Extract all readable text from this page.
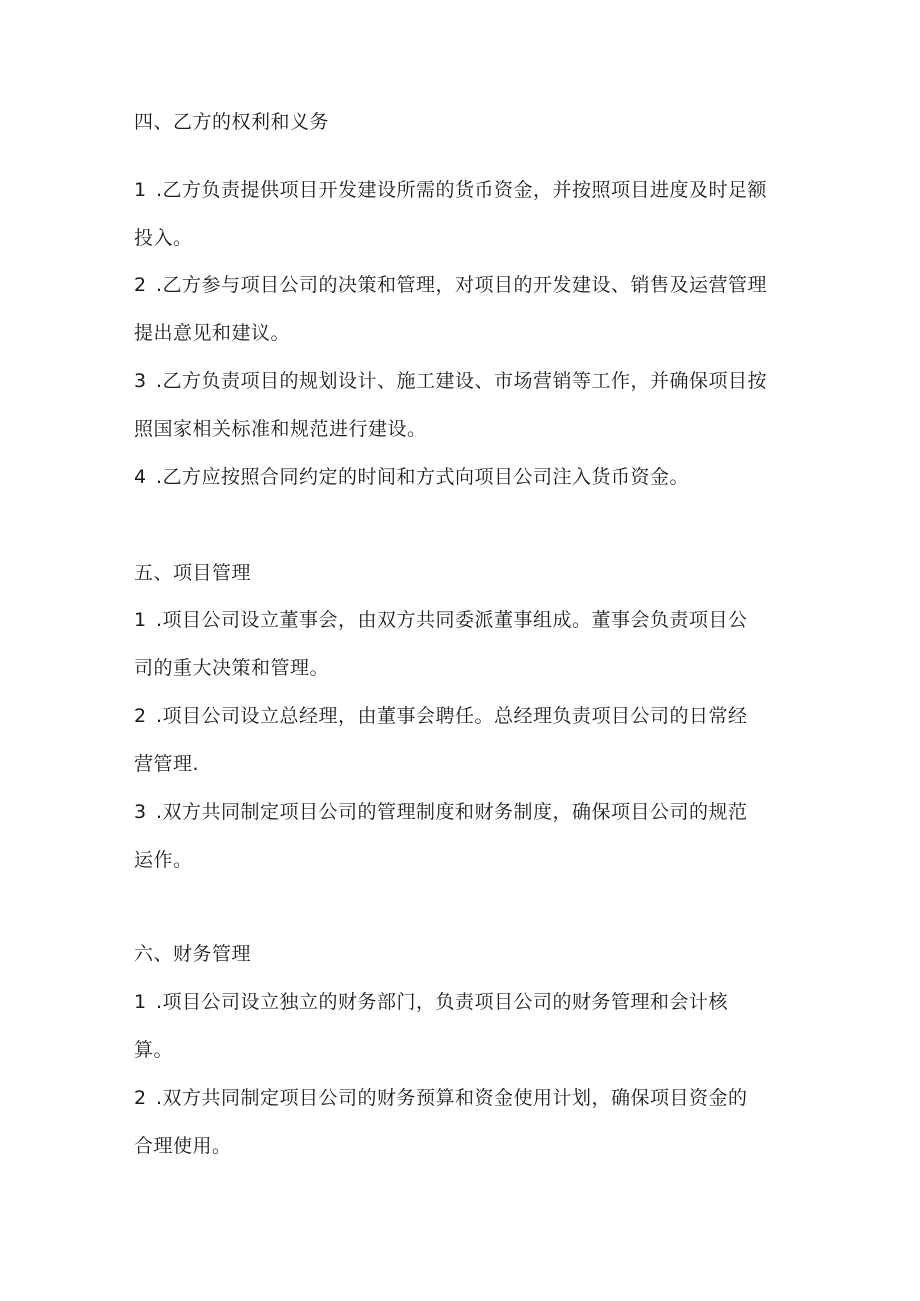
四、乙方的权利和义务
1 .乙方负责提供项目开发建设所需的货币资金，并按照项目进度及时足额
投入。
2 .乙方参与项目公司的决策和管理，对项目的开发建设、销售及运营管理
提出意见和建议。
3 .乙方负责项目的规划设计、施工建设、市场营销等工作，并确保项目按
照国家相关标准和规范进行建设。
4 .乙方应按照合同约定的时间和方式向项目公司注入货币资金。
五、项目管理
1 .项目公司设立董事会，由双方共同委派董事组成。董事会负责项目公
司的重大决策和管理。
2 .项目公司设立总经理，由董事会聘任。总经理负责项目公司的日常经
营管理.
3 .双方共同制定项目公司的管理制度和财务制度，确保项目公司的规范
运作。
六、财务管理
1 .项目公司设立独立的财务部门，负责项目公司的财务管理和会计核
算。
2 .双方共同制定项目公司的财务预算和资金使用计划，确保项目资金的
合理使用。
